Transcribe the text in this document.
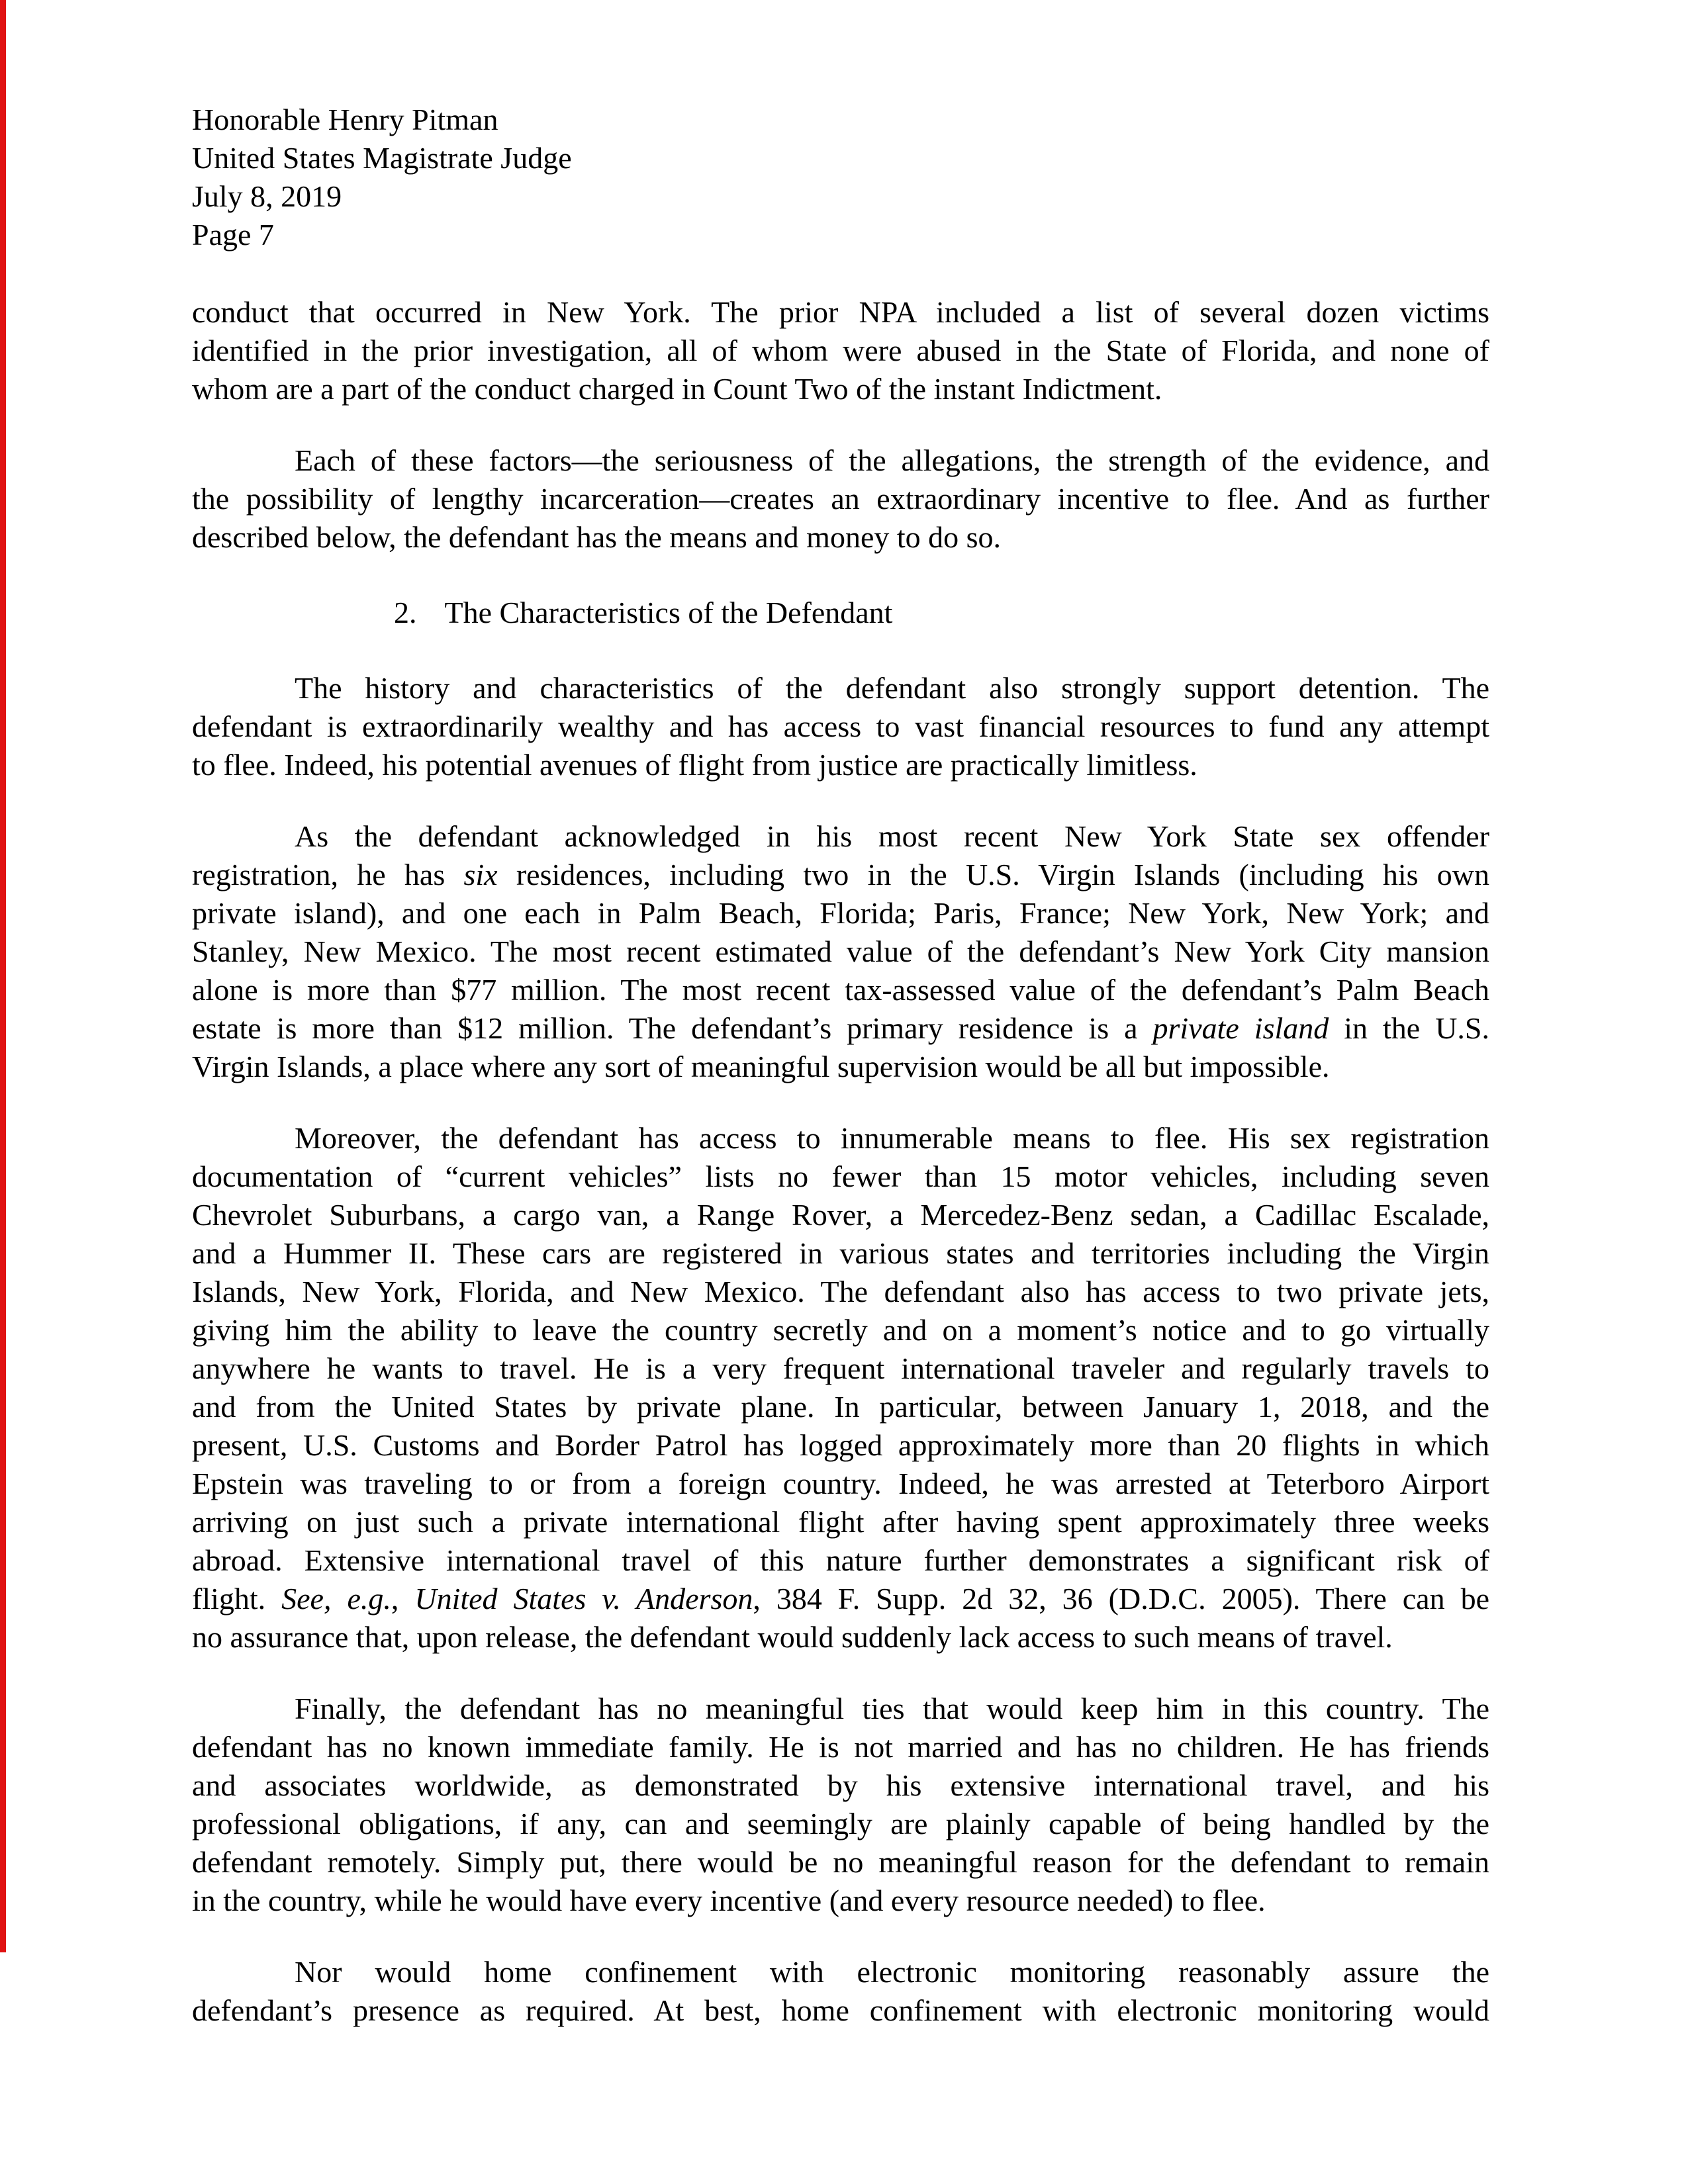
Honorable Henry Pitman
United States Magistrate Judge
July 8, 2019
Page 7
conduct that occurred in New York. The prior NPA included a list of several dozen victims
identified in the prior investigation, all of whom were abused in the State of Florida, and none of
whom are a part of the conduct charged in Count Two of the instant Indictment.
Each of these factors—the seriousness of the allegations, the strength of the evidence, and
the possibility of lengthy incarceration—creates an extraordinary incentive to flee. And as further
described below, the defendant has the means and money to do so.
2. The Characteristics of the Defendant
The history and characteristics of the defendant also strongly support detention. The
defendant is extraordinarily wealthy and has access to vast financial resources to fund any attempt
to flee. Indeed, his potential avenues of flight from justice are practically limitless.
As the defendant acknowledged in his most recent New York State sex offender
registration, he has six residences, including two in the U.S. Virgin Islands (including his own
private island), and one each in Palm Beach, Florida; Paris, France; New York, New York; and
Stanley, New Mexico. The most recent estimated value of the defendant’s New York City mansion
alone is more than $77 million. The most recent tax-assessed value of the defendant’s Palm Beach
estate is more than $12 million. The defendant’s primary residence is a private island in the U.S.
Virgin Islands, a place where any sort of meaningful supervision would be all but impossible.
Moreover, the defendant has access to innumerable means to flee. His sex registration
documentation of “current vehicles” lists no fewer than 15 motor vehicles, including seven
Chevrolet Suburbans, a cargo van, a Range Rover, a Mercedez-Benz sedan, a Cadillac Escalade,
and a Hummer II. These cars are registered in various states and territories including the Virgin
Islands, New York, Florida, and New Mexico. The defendant also has access to two private jets,
giving him the ability to leave the country secretly and on a moment’s notice and to go virtually
anywhere he wants to travel. He is a very frequent international traveler and regularly travels to
and from the United States by private plane. In particular, between January 1, 2018, and the
present, U.S. Customs and Border Patrol has logged approximately more than 20 flights in which
Epstein was traveling to or from a foreign country. Indeed, he was arrested at Teterboro Airport
arriving on just such a private international flight after having spent approximately three weeks
abroad. Extensive international travel of this nature further demonstrates a significant risk of
flight. See, e.g., United States v. Anderson, 384 F. Supp. 2d 32, 36 (D.D.C. 2005). There can be
no assurance that, upon release, the defendant would suddenly lack access to such means of travel.
Finally, the defendant has no meaningful ties that would keep him in this country. The
defendant has no known immediate family. He is not married and has no children. He has friends
and associates worldwide, as demonstrated by his extensive international travel, and his
professional obligations, if any, can and seemingly are plainly capable of being handled by the
defendant remotely. Simply put, there would be no meaningful reason for the defendant to remain
in the country, while he would have every incentive (and every resource needed) to flee.
Nor would home confinement with electronic monitoring reasonably assure the
defendant’s presence as required. At best, home confinement with electronic monitoring would
